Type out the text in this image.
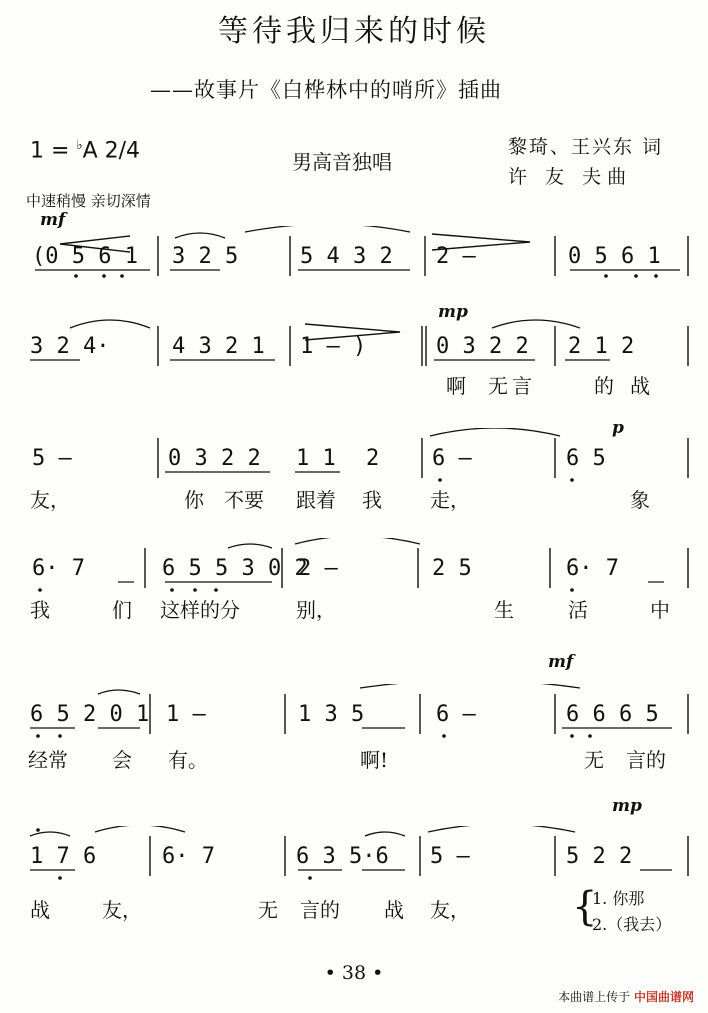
等待我归来的时候
——故事片《白桦林中的哨所》插曲
1 = ♭A 2/4	男高音独唱
黎琦、王兴东 词
许 友 夫曲
中速稍慢 亲切深情
mf
mp
p
mf
mp
(0 5 6 1 3 2 5	5 4 3 2 2 —	0 5 6 1
3 2 4·	4 3 2 1 1 — )	0 3 2 2 2 1 2
啊 无 言	的 战
5 —	0 3 2 2 1 1 2 6 —	6 5
友，	你 不要 跟着 我 走，	象
6· 7	6 5 5 3 0 2
2 —	2 5	6· 7
我	们 这样的分	别，	生	活	中
6 5 2 0 1 1 —	1 3 5	6 —	6 6 6 5
经常 会 有。	啊!	无 言的
1 7 6	6· 7	6 3 5·6 5 —	5 2 2
战	友，	无 言的 战 友，	{
1. 你那
2.（我去）
• 38 •
本曲谱上传于 中国曲谱网
